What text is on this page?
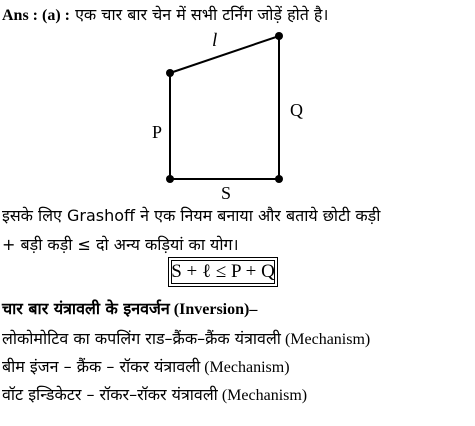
Ans : (a) : एक चार बार चेन में सभी टर्निंग जोड़ें होते है।
l
P
Q
S
इसके लिए Grashoff ने एक नियम बनाया और बताये छोटी कड़ी
+ बड़ी कड़ी ≤ दो अन्य कड़ियां का योग।
S + ℓ ≤ P + Q
चार बार यंत्रावली के इनवर्जन (Inversion)–
लोकोमोटिव का कपलिंग राड–क्रैंक–क्रैंक यंत्रावली (Mechanism)
बीम इंजन – क्रैंक – रॉकर यंत्रावली (Mechanism)
वॉट इन्डिकेटर – रॉकर–रॉकर यंत्रावली (Mechanism)
